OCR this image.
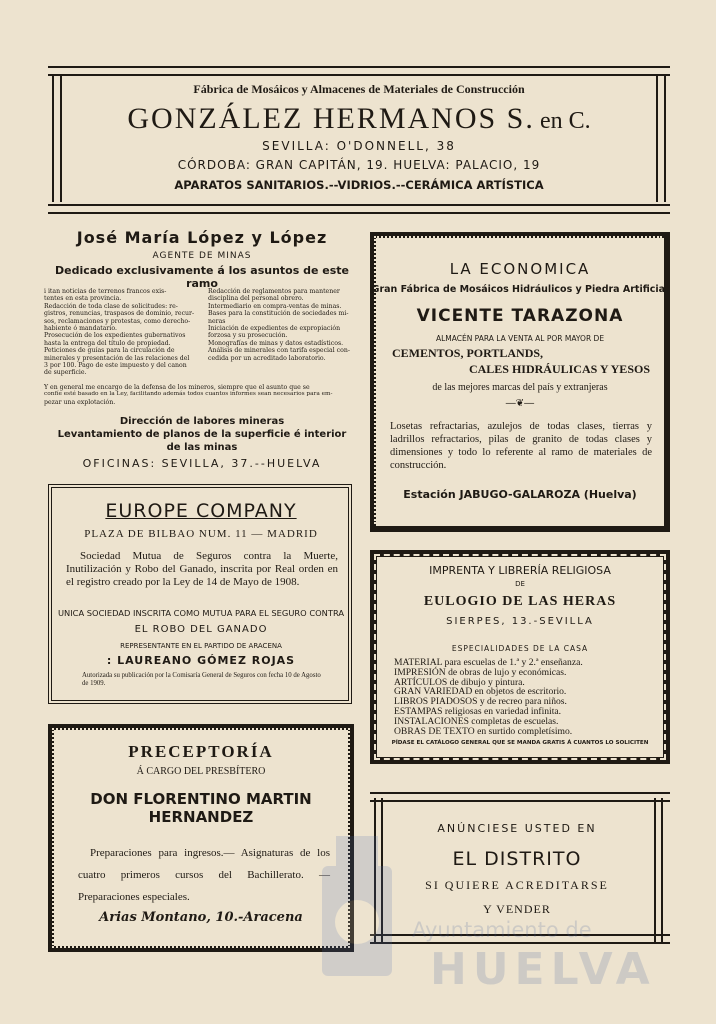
Fábrica de Mosáicos y Almacenes de Materiales de Construcción
GONZÁLEZ HERMANOS S. en C.
SEVILLA: O'DONNELL, 38
CÓRDOBA: GRAN CAPITÁN, 19. HUELVA: PALACIO, 19
APARATOS SANITARIOS.--VIDRIOS.--CERÁMICA ARTÍSTICA
José María López y López
AGENTE DE MINAS
Dedicado exclusivamente á los asuntos de este ramo
i itan noticias de terrenos francos exis-
tentes en esta provincia.
Redacción de toda clase de solicitudes: re-
gistros, renuncias, traspasos de dominio, recur-
sos, reclamaciones y protestas, como derecho-
habiente ó mandatario.
Prosecución de los expedientes gubernativos
hasta la entrega del título de propiedad.
Peticiones de guías para la circulación de
minerales y presentación de las relaciones del
3 por 100. Pago de este impuesto y del canon
de superficie.
Redacción de reglamentos para mantener
disciplina del personal obrero.
Intermediario en compra-ventas de minas.
Bases para la constitución de sociedades mi-
neras
Iniciación de expedientes de expropiación
forzosa y su prosecución.
Monografías de minas y datos estadísticos.
Análisis de minerales con tarifa especial con-
cedida por un acreditado laboratorio.
Y en general me encargo de la defensa de los mineros, siempre que el asunto que se
confíe esté basado en la Ley, facilitando además todos cuantos informes sean necesarios para em-
pezar una explotación.
Dirección de labores mineras
Levantamiento de planos de la superficie é interior
de las minas
OFICINAS: SEVILLA, 37.--HUELVA
LA ECONOMICA
Gran Fábrica de Mosáicos Hidráulicos y Piedra Artificial
VICENTE TARAZONA
ALMACÉN PARA LA VENTA AL POR MAYOR DE
CEMENTOS, PORTLANDS,
CALES HIDRÁULICAS Y YESOS
de las mejores marcas del país y extranjeras
―❦―
Losetas refractarias, azulejos de todas clases, tierras y ladrillos refractarios, pilas de granito de todas clases y dimensiones y todo lo referente al ramo de materiales de construcción.
Estación JABUGO-GALAROZA (Huelva)
EUROPE COMPANY
PLAZA DE BILBAO NUM. 11 — MADRID
Sociedad Mutua de Seguros contra la Muerte, Inutilización y Robo del Ganado, inscrita por Real orden en el registro creado por la Ley de 14 de Mayo de 1908.
UNICA SOCIEDAD INSCRITA COMO MUTUA PARA EL SEGURO CONTRA
EL ROBO DEL GANADO
REPRESENTANTE EN EL PARTIDO DE ARACENA
: LAUREANO GÓMEZ ROJAS
Autorizada su publicación por la Comisaría General de Seguros con fecha 10 de Agosto de 1909.
IMPRENTA Y LIBRERÍA RELIGIOSA
DE
EULOGIO DE LAS HERAS
SIERPES, 13.-SEVILLA
ESPECIALIDADES DE LA CASA
MATERIAL para escuelas de 1.ª y 2.ª enseñanza.
IMPRESIÓN de obras de lujo y económicas.
ARTÍCULOS de dibujo y pintura.
GRAN VARIEDAD en objetos de escritorio.
LIBROS PIADOSOS y de recreo para niños.
ESTAMPAS religiosas en variedad infinita.
INSTALACIONES completas de escuelas.
OBRAS DE TEXTO en surtido completísimo.
PÍDASE EL CATÁLOGO GENERAL QUE SE MANDA GRATIS Á CUANTOS LO SOLICITEN
PRECEPTORÍA
Á CARGO DEL PRESBÍTERO
DON FLORENTINO MARTIN HERNANDEZ
Preparaciones para ingresos.— Asignaturas de los cuatro primeros cursos del Bachillerato. — Preparaciones especiales.
Arias Montano, 10.-Aracena
ANÚNCIESE USTED EN
EL DISTRITO
SI QUIERE ACREDITARSE
Y VENDER
Ayuntamiento de
HUELVA
